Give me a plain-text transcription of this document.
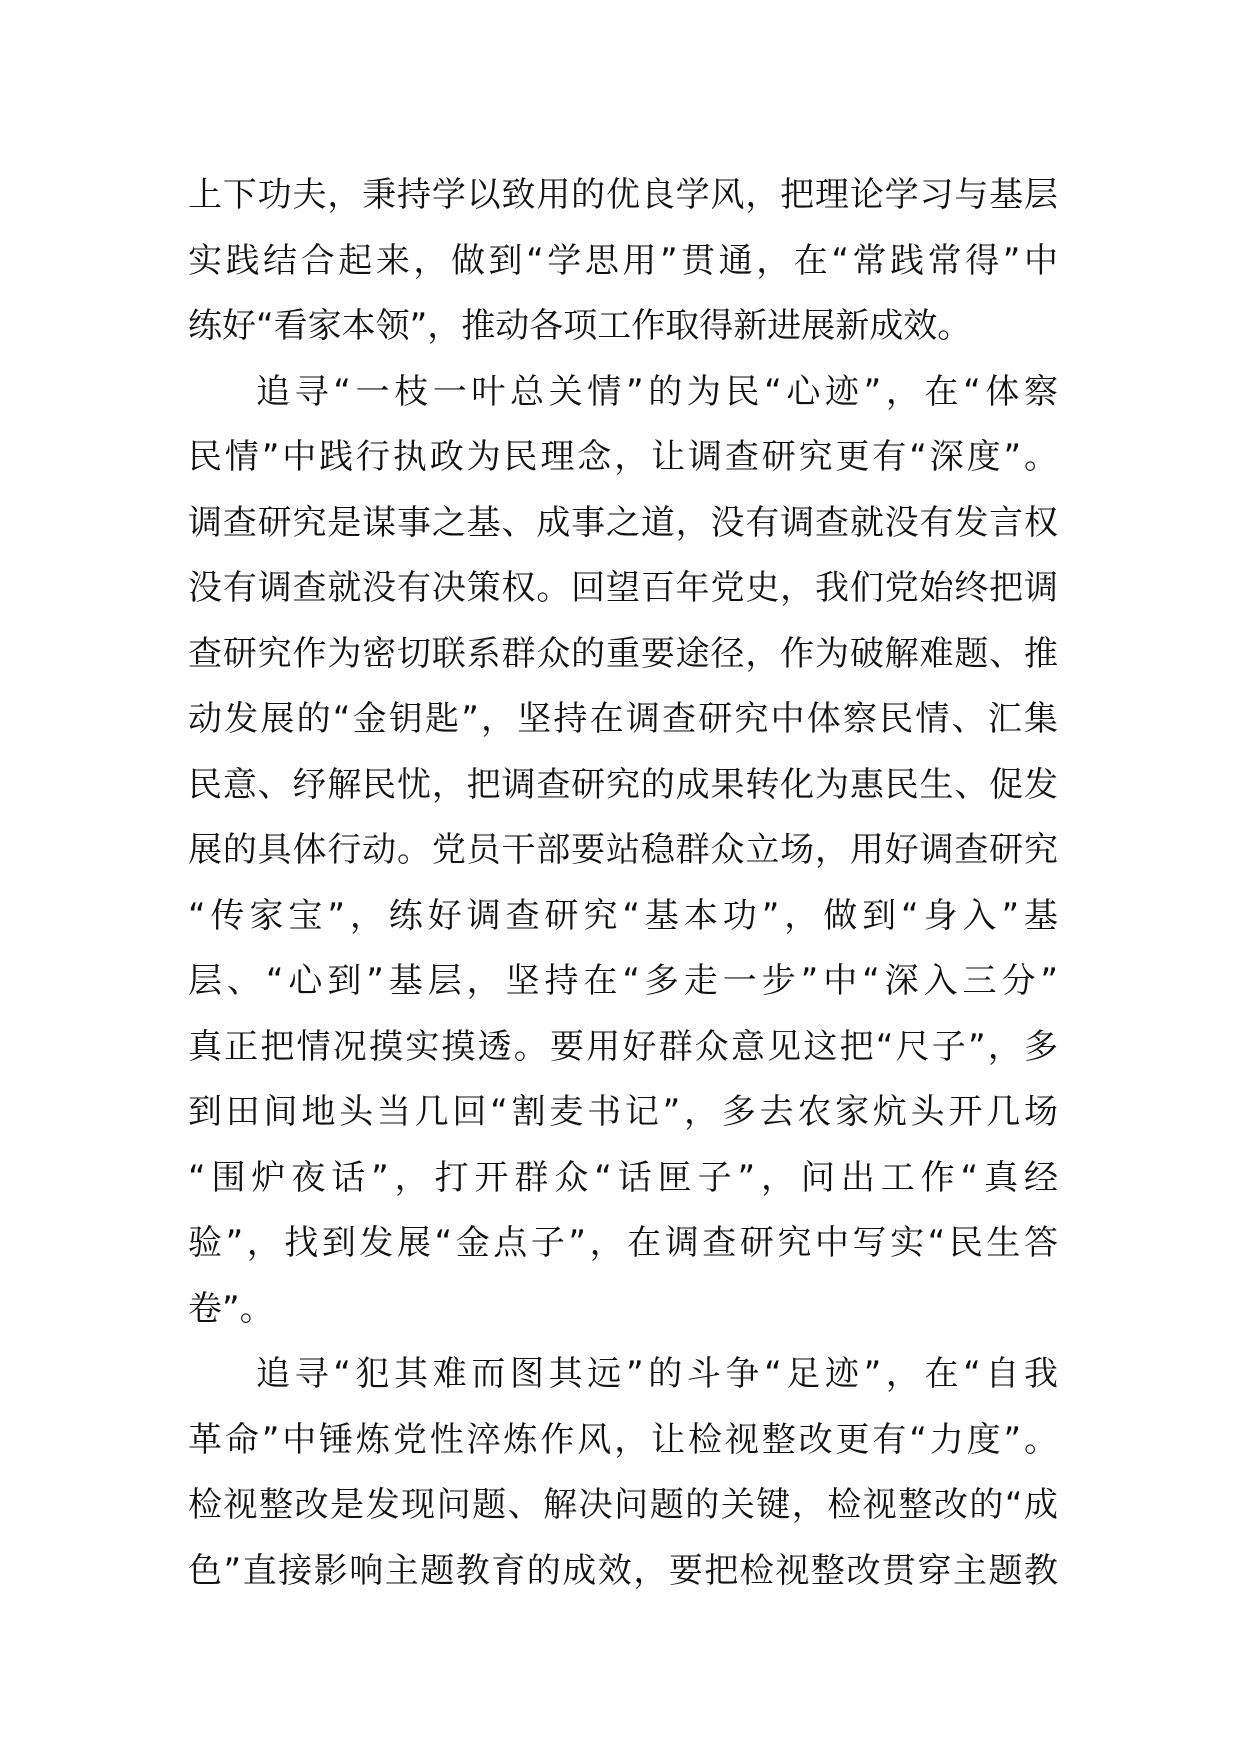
上下功夫，秉持学以致用的优良学风，把理论学习与基层
实践结合起来，做到“学思用”贯通，在“常践常得”中
练好“看家本领”，推动各项工作取得新进展新成效。
追寻“一枝一叶总关情”的为民“心迹”，在“体察
民情”中践行执政为民理念，让调查研究更有“深度”。
调查研究是谋事之基、成事之道，没有调查就没有发言权
没有调查就没有决策权。回望百年党史，我们党始终把调
查研究作为密切联系群众的重要途径，作为破解难题、推
动发展的“金钥匙”，坚持在调查研究中体察民情、汇集
民意、纾解民忧，把调查研究的成果转化为惠民生、促发
展的具体行动。党员干部要站稳群众立场，用好调查研究
“传家宝”，练好调查研究“基本功”，做到“身入”基
层、“心到”基层，坚持在“多走一步”中“深入三分”
真正把情况摸实摸透。要用好群众意见这把“尺子”，多
到田间地头当几回“割麦书记”，多去农家炕头开几场
“围炉夜话”，打开群众“话匣子”，问出工作“真经
验”，找到发展“金点子”，在调查研究中写实“民生答
卷”。
追寻“犯其难而图其远”的斗争“足迹”，在“自我
革命”中锤炼党性淬炼作风，让检视整改更有“力度”。
检视整改是发现问题、解决问题的关键，检视整改的“成
色”直接影响主题教育的成效，要把检视整改贯穿主题教
